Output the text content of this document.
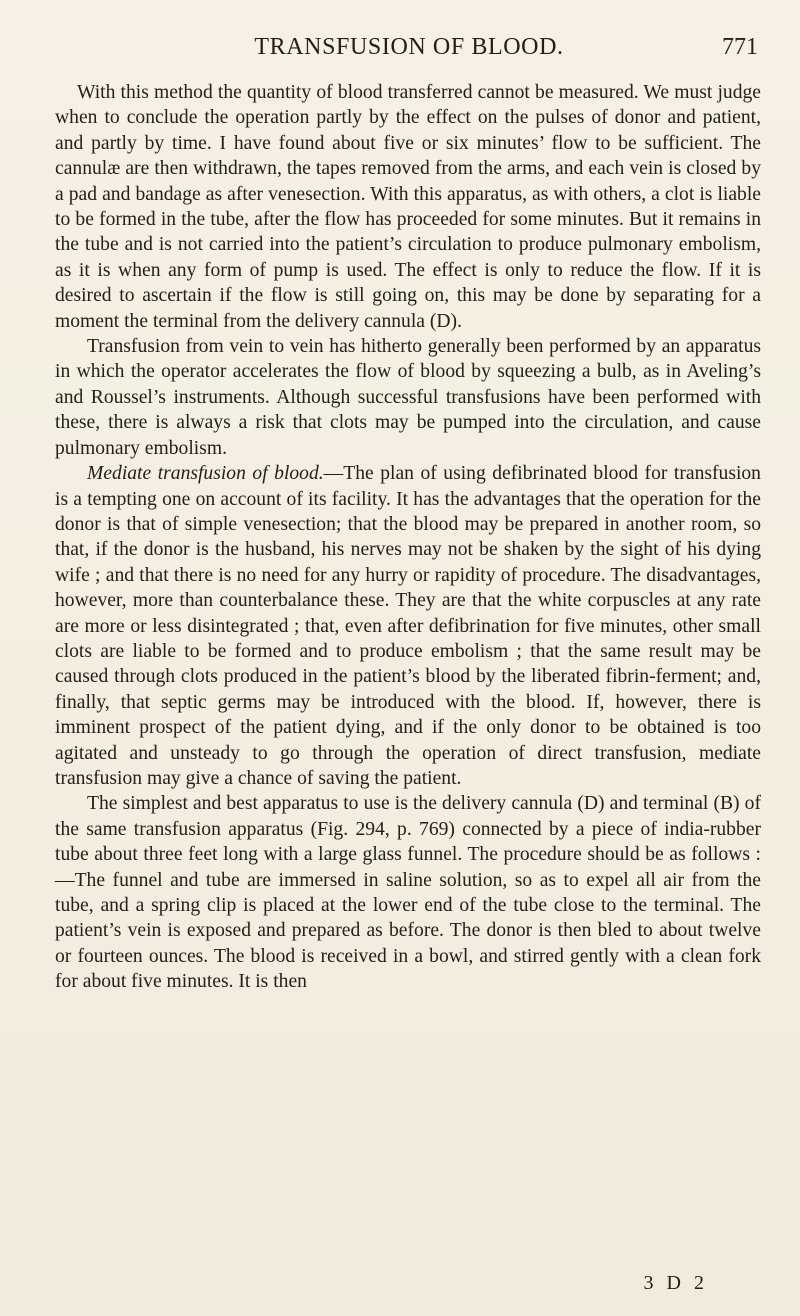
TRANSFUSION OF BLOOD.	771

With this method the quantity of blood transferred cannot be measured. We must judge when to conclude the operation partly by the effect on the pulses of donor and patient, and partly by time. I have found about five or six minutes’ flow to be sufficient. The cannulæ are then withdrawn, the tapes removed from the arms, and each vein is closed by a pad and bandage as after venesection. With this apparatus, as with others, a clot is liable to be formed in the tube, after the flow has proceeded for some minutes. But it remains in the tube and is not carried into the patient’s circulation to produce pulmonary embolism, as it is when any form of pump is used. The effect is only to reduce the flow. If it is desired to ascertain if the flow is still going on, this may be done by separating for a moment the terminal from the delivery cannula (D).

Transfusion from vein to vein has hitherto generally been performed by an apparatus in which the operator accelerates the flow of blood by squeezing a bulb, as in Aveling’s and Roussel’s instruments. Although successful transfusions have been performed with these, there is always a risk that clots may be pumped into the circulation, and cause pulmonary embolism.

Mediate transfusion of blood.—The plan of using defibrinated blood for transfusion is a tempting one on account of its facility. It has the advantages that the operation for the donor is that of simple venesection; that the blood may be prepared in another room, so that, if the donor is the husband, his nerves may not be shaken by the sight of his dying wife ; and that there is no need for any hurry or rapidity of procedure. The disadvantages, however, more than counterbalance these. They are that the white corpuscles at any rate are more or less disintegrated ; that, even after defibrination for five minutes, other small clots are liable to be formed and to produce embolism ; that the same result may be caused through clots produced in the patient’s blood by the liberated fibrin-ferment; and, finally, that septic germs may be introduced with the blood. If, however, there is imminent prospect of the patient dying, and if the only donor to be obtained is too agitated and unsteady to go through the operation of direct transfusion, mediate transfusion may give a chance of saving the patient.

The simplest and best apparatus to use is the delivery cannula (D) and terminal (B) of the same transfusion apparatus (Fig. 294, p. 769) connected by a piece of india-rubber tube about three feet long with a large glass funnel. The procedure should be as follows :—The funnel and tube are immersed in saline solution, so as to expel all air from the tube, and a spring clip is placed at the lower end of the tube close to the terminal. The patient’s vein is exposed and prepared as before. The donor is then bled to about twelve or fourteen ounces. The blood is received in a bowl, and stirred gently with a clean fork for about five minutes. It is then

3 D 2
